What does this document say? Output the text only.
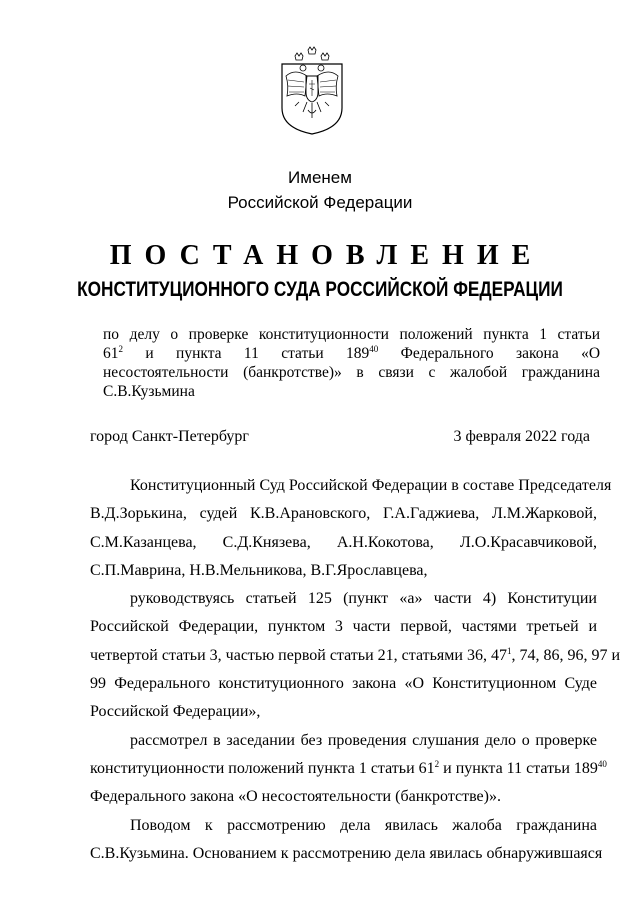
Именем
Российской Федерации
ПОСТАНОВЛЕНИЕ
КОНСТИТУЦИОННОГО СУДА РОССИЙСКОЙ ФЕДЕРАЦИИ
по делу о проверке конституционности положений пункта 1 статьи
$61^2$ и пункта 11 статьи $189^{40}$ Федерального закона «О
несостоятельности (банкротстве)» в связи с жалобой гражданина
С.В.Кузьмина
город Санкт-Петербург	3 февраля 2022 года
Конституционный Суд Российской Федерации в составе Председателя
В.Д.Зорькина, судей К.В.Арановского, Г.А.Гаджиева, Л.М.Жарковой,
С.М.Казанцева, С.Д.Князева, А.Н.Кокотова, Л.О.Красавчиковой,
С.П.Маврина, Н.В.Мельникова, В.Г.Ярославцева,
руководствуясь статьей 125 (пункт «а» части 4) Конституции
Российской Федерации, пунктом 3 части первой, частями третьей и
четвертой статьи 3, частью первой статьи 21, статьями 36, $47^1$, 74, 86, 96, 97 и
99 Федерального конституционного закона «О Конституционном Суде
Российской Федерации»,
рассмотрел в заседании без проведения слушания дело о проверке
конституционности положений пункта 1 статьи $61^2$ и пункта 11 статьи $189^{40}$
Федерального закона «О несостоятельности (банкротстве)».
Поводом к рассмотрению дела явилась жалоба гражданина
С.В.Кузьмина. Основанием к рассмотрению дела явилась обнаружившаяся
